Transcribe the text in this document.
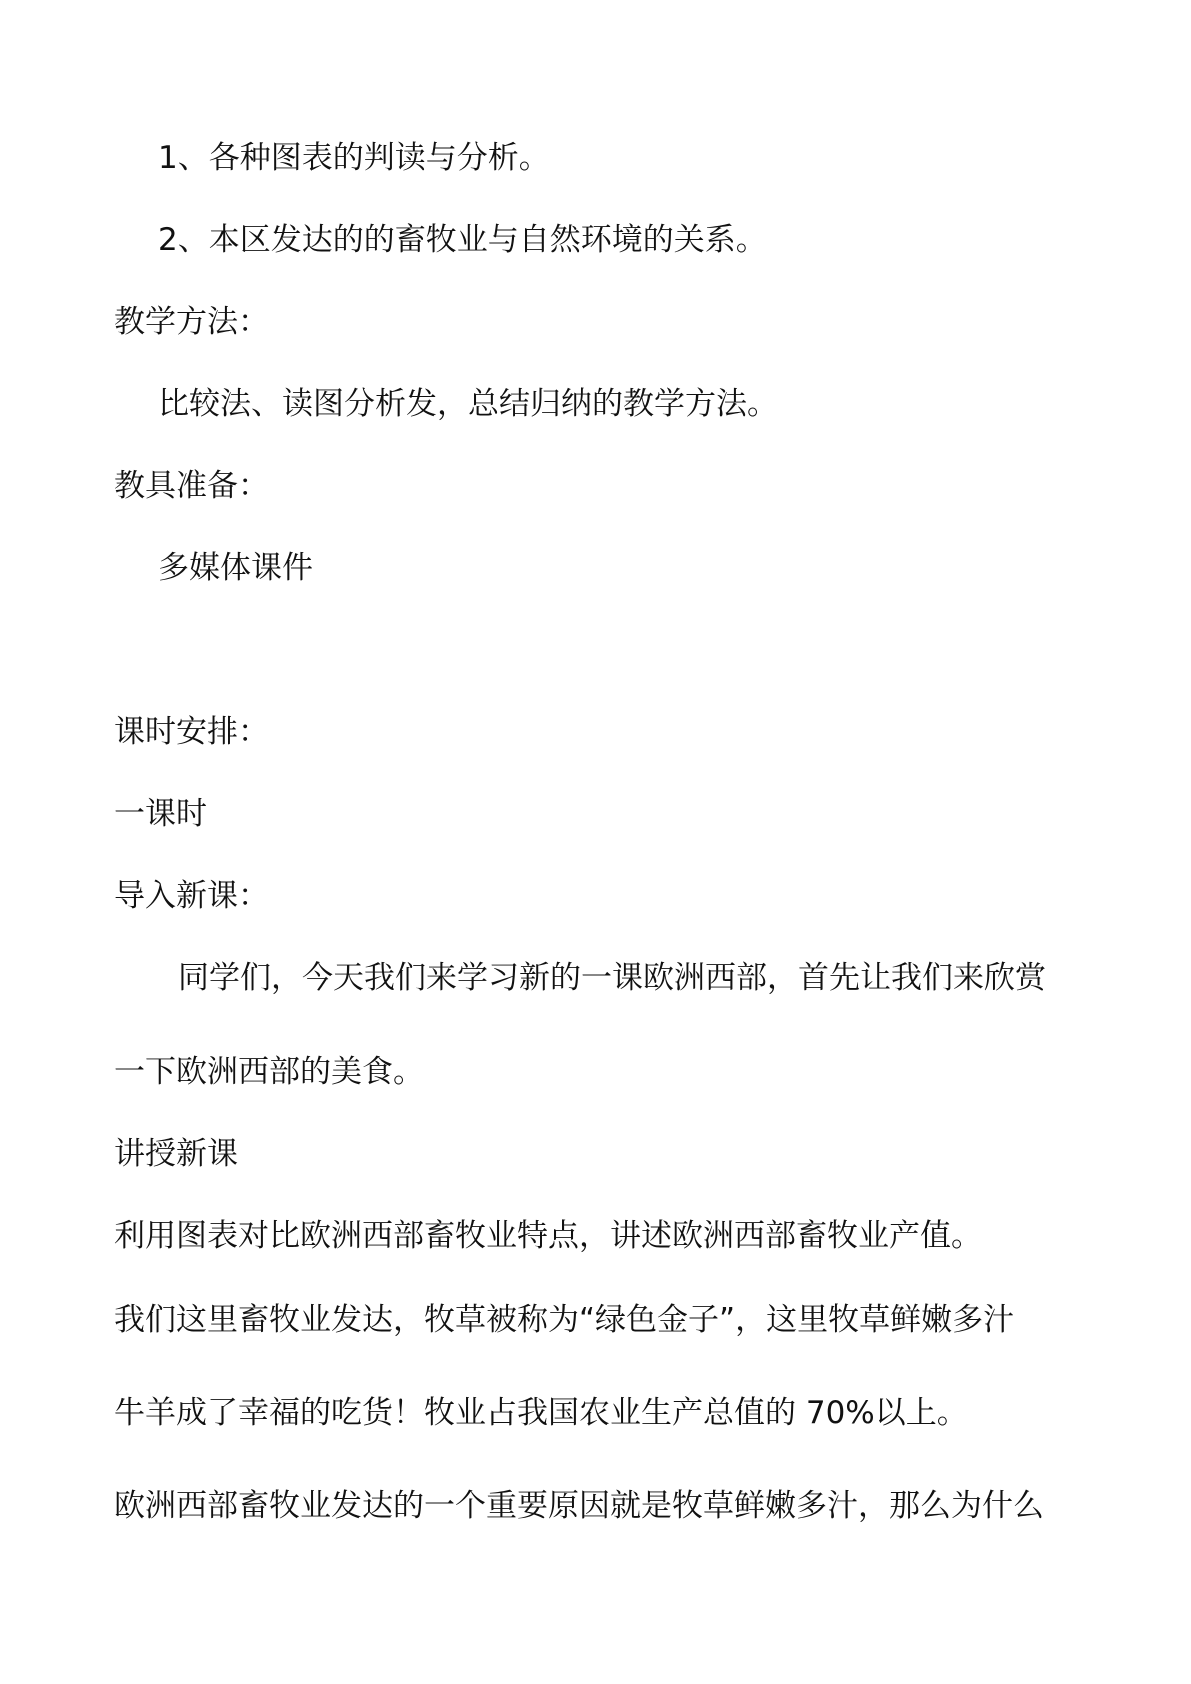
1、各种图表的判读与分析。
2、本区发达的的畜牧业与自然环境的关系。
教学方法：
比较法、读图分析发，总结归纳的教学方法。
教具准备：
多媒体课件
课时安排：
一课时
导入新课：
同学们，今天我们来学习新的一课欧洲西部，首先让我们来欣赏
一下欧洲西部的美食。
讲授新课
利用图表对比欧洲西部畜牧业特点，讲述欧洲西部畜牧业产值。
我们这里畜牧业发达，牧草被称为“绿色金子”，这里牧草鲜嫩多汁
牛羊成了幸福的吃货！牧业占我国农业生产总值的 70%以上。
欧洲西部畜牧业发达的一个重要原因就是牧草鲜嫩多汁，那么为什么
